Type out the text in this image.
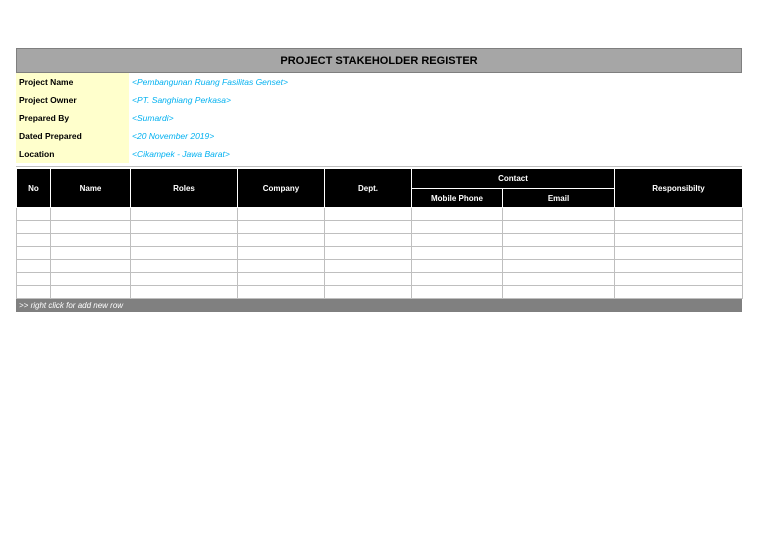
PROJECT STAKEHOLDER REGISTER
Project Name	<Pembangunan Ruang Fasilitas Genset>
Project Owner	<PT. Sanghiang Perkasa>
Prepared By	<Sumardi>
Dated Prepared	<20 November 2019>
Location	<Cikampek - Jawa Barat>
No	Name	Roles	Company	Dept.	Contact		Responsibilty
					Mobile Phone	Email	

>> right click for add new row
